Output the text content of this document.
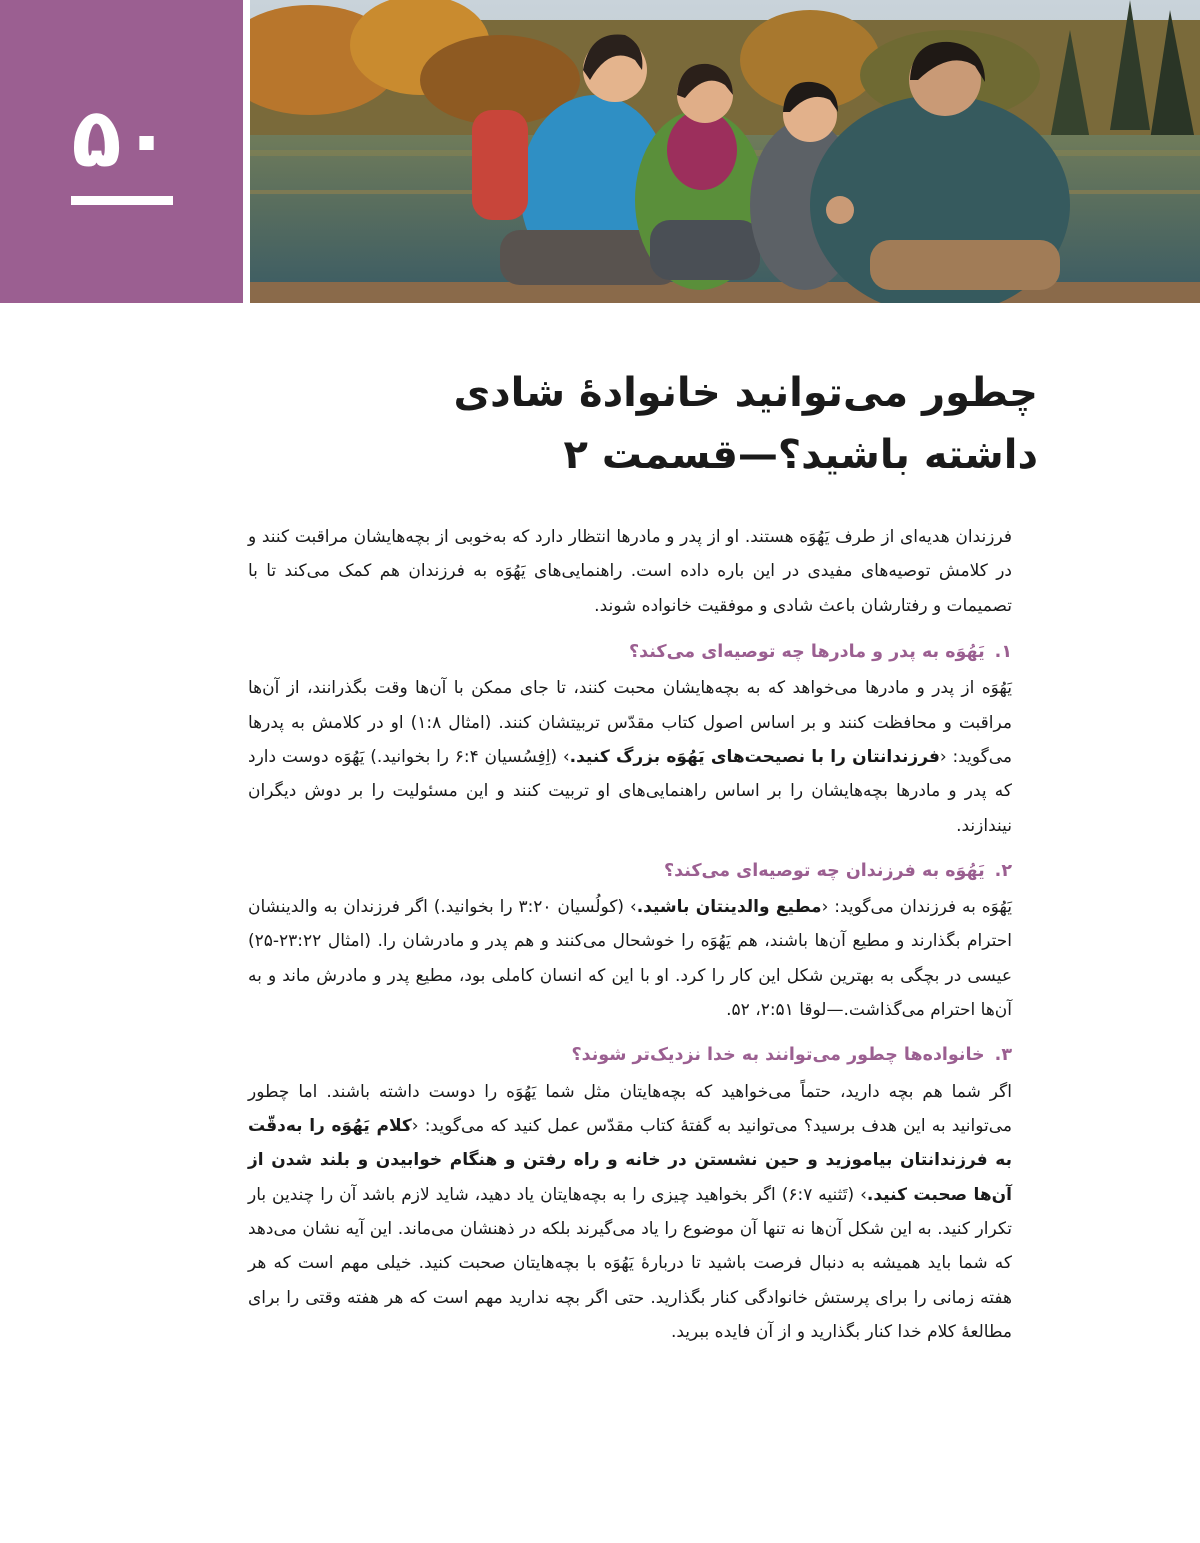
۵۰
چطور می‌توانید خانوادهٔ شادی
داشته باشید؟—قسمت ۲

فرزندان هدیه‌ای از طرف یَهُوَه هستند. او از پدر و مادرها انتظار دارد که به‌خوبی از بچه‌هایشان مراقبت کنند و در کلامش توصیه‌های مفیدی در این باره داده است. راهنمایی‌های یَهُوَه به فرزندان هم کمک می‌کند تا با تصمیمات و رفتارشان باعث شادی و موفقیت خانواده شوند.

۱.
یَهُوَه به پدر و مادرها چه توصیه‌ای می‌کند؟

یَهُوَه از پدر و مادرها می‌خواهد که به بچه‌هایشان محبت کنند، تا جای ممکن با آن‌ها وقت بگذرانند، از آن‌ها مراقبت و محافظت کنند و بر اساس اصول کتاب مقدّس تربیتشان کنند. (امثال ۱:۸) او در کلامش به پدرها می‌گوید: ‹فرزندانتان را با نصیحت‌های یَهُوَه بزرگ کنید.› (اِفِسُسیان ۶:۴ را بخوانید.) یَهُوَه دوست دارد که پدر و مادرها بچه‌هایشان را بر اساس راهنمایی‌های او تربیت کنند و این مسئولیت را بر دوش دیگران نیندازند.

۲.
یَهُوَه به فرزندان چه توصیه‌ای می‌کند؟

یَهُوَه به فرزندان می‌گوید: ‹مطیع والدینتان باشید.› (کولُسیان ۳:۲۰ را بخوانید.) اگر فرزندان به والدینشان احترام بگذارند و مطیع آن‌ها باشند، هم یَهُوَه را خوشحال می‌کنند و هم پدر و مادرشان را. (امثال ۲۳:۲۲-۲۵) عیسی در بچگی به بهترین شکل این کار را کرد. او با این که انسان کاملی بود، مطیع پدر و مادرش ماند و به آن‌ها احترام می‌گذاشت.—لوقا ۲:۵۱، ۵۲.

۳.
خانواده‌ها چطور می‌توانند به خدا نزدیک‌تر شوند؟

اگر شما هم بچه دارید، حتماً می‌خواهید که بچه‌هایتان مثل شما یَهُوَه را دوست داشته باشند. اما چطور می‌توانید به این هدف برسید؟ می‌توانید به گفتهٔ کتاب مقدّس عمل کنید که می‌گوید: ‹کلام یَهُوَه را به‌دقّت به فرزندانتان بیاموزید و حین نشستن در خانه و راه رفتن و هنگام خوابیدن و بلند شدن از آن‌ها صحبت کنید.› (تَثنیه ۶:۷) اگر بخواهید چیزی را به بچه‌هایتان یاد دهید، شاید لازم باشد آن را چندین بار تکرار کنید. به این شکل آن‌ها نه تنها آن موضوع را یاد می‌گیرند بلکه در ذهنشان می‌ماند. این آیه نشان می‌دهد که شما باید همیشه به دنبال فرصت باشید تا دربارهٔ یَهُوَه با بچه‌هایتان صحبت کنید. خیلی مهم است که هر هفته زمانی را برای پرستش خانوادگی کنار بگذارید. حتی اگر بچه ندارید مهم است که هر هفته وقتی را برای مطالعهٔ کلام خدا کنار بگذارید و از آن فایده ببرید.
